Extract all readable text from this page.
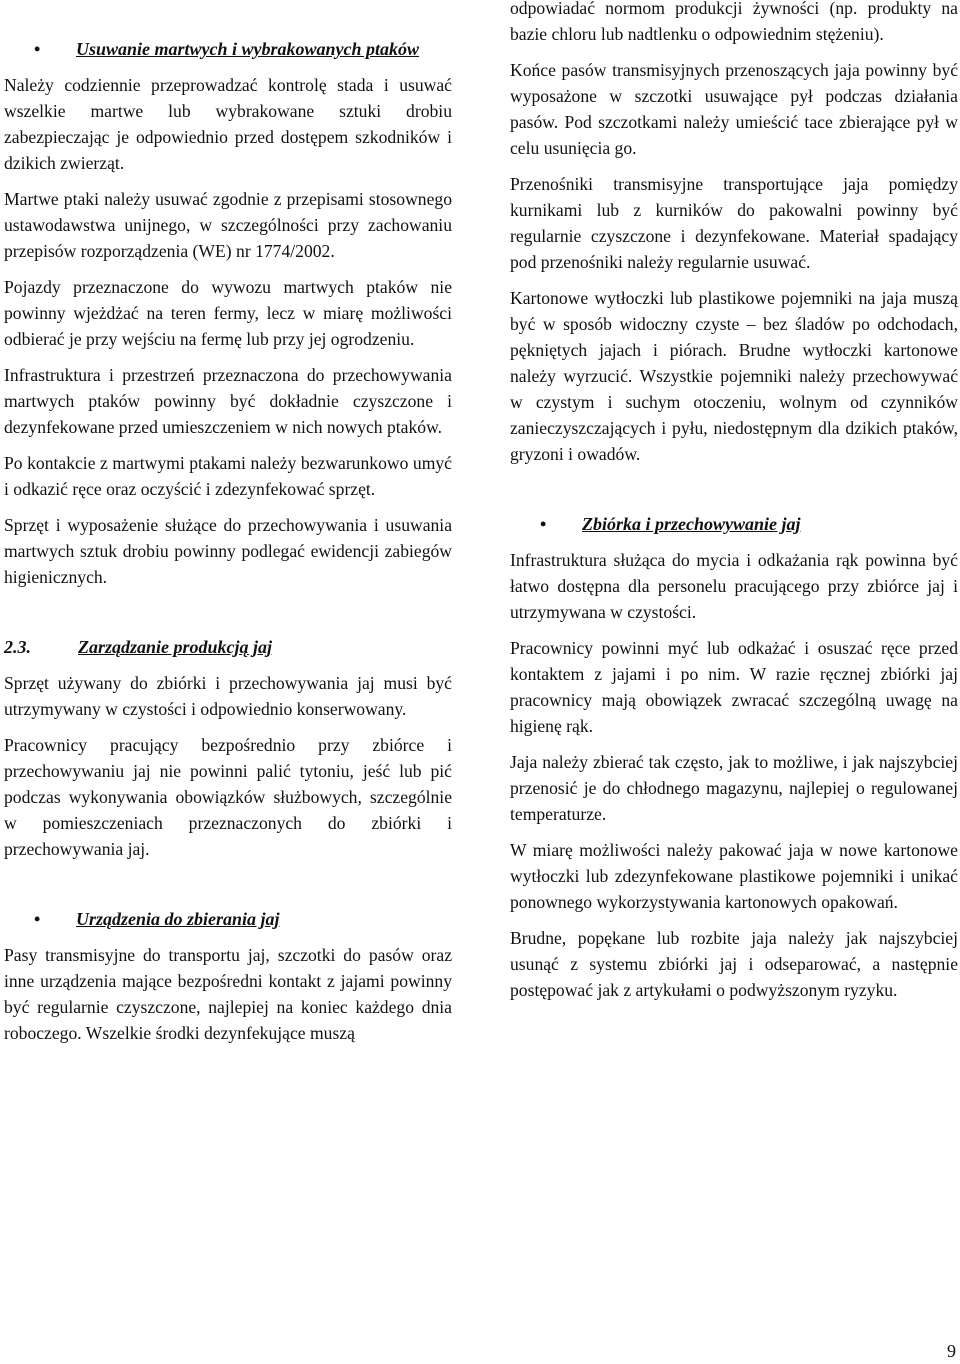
• Usuwanie martwych i wybrakowanych ptaków

Należy codziennie przeprowadzać kontrolę stada i usuwać wszelkie martwe lub wybrakowane sztuki drobiu zabezpieczając je odpowiednio przed dostępem szkodników i dzikich zwierząt.

Martwe ptaki należy usuwać zgodnie z przepisami stosownego ustawodawstwa unijnego, w szczególności przy zachowaniu przepisów rozporządzenia (WE) nr 1774/2002.

Pojazdy przeznaczone do wywozu martwych ptaków nie powinny wjeżdżać na teren fermy, lecz w miarę możliwości odbierać je przy wejściu na fermę lub przy jej ogrodzeniu.

Infrastruktura i przestrzeń przeznaczona do przechowywania martwych ptaków powinny być dokładnie czyszczone i dezynfekowane przed umieszczeniem w nich nowych ptaków.

Po kontakcie z martwymi ptakami należy bezwarunkowo umyć i odkazić ręce oraz oczyścić i zdezynfekować sprzęt.

Sprzęt i wyposażenie służące do przechowywania i usuwania martwych sztuk drobiu powinny podlegać ewidencji zabiegów higienicznych.

2.3.	Zarządzanie produkcją jaj

Sprzęt używany do zbiórki i przechowywania jaj musi być utrzymywany w czystości i odpowiednio konserwowany.

Pracownicy pracujący bezpośrednio przy zbiórce i przechowywaniu jaj nie powinni palić tytoniu, jeść lub pić podczas wykonywania obowiązków służbowych, szczególnie w pomieszczeniach przeznaczonych do zbiórki i przechowywania jaj.

• Urządzenia do zbierania jaj

Pasy transmisyjne do transportu jaj, szczotki do pasów oraz inne urządzenia mające bezpośredni kontakt z jajami powinny być regularnie czyszczone, najlepiej na koniec każdego dnia roboczego. Wszelkie środki dezynfekujące muszą

odpowiadać normom produkcji żywności (np. produkty na bazie chloru lub nadtlenku o odpowiednim stężeniu).

Końce pasów transmisyjnych przenoszących jaja powinny być wyposażone w szczotki usuwające pył podczas działania pasów. Pod szczotkami należy umieścić tace zbierające pył w celu usunięcia go.

Przenośniki transmisyjne transportujące jaja pomiędzy kurnikami lub z kurników do pakowalni powinny być regularnie czyszczone i dezynfekowane. Materiał spadający pod przenośniki należy regularnie usuwać.

Kartonowe wytłoczki lub plastikowe pojemniki na jaja muszą być w sposób widoczny czyste – bez śladów po odchodach, pękniętych jajach i piórach. Brudne wytłoczki kartonowe należy wyrzucić. Wszystkie pojemniki należy przechowywać w czystym i suchym otoczeniu, wolnym od czynników zanieczyszczających i pyłu, niedostępnym dla dzikich ptaków, gryzoni i owadów.

• Zbiórka i przechowywanie jaj

Infrastruktura służąca do mycia i odkażania rąk powinna być łatwo dostępna dla personelu pracującego przy zbiórce jaj i utrzymywana w czystości.

Pracownicy powinni myć lub odkażać i osuszać ręce przed kontaktem z jajami i po nim. W razie ręcznej zbiórki jaj pracownicy mają obowiązek zwracać szczególną uwagę na higienę rąk.

Jaja należy zbierać tak często, jak to możliwe, i jak najszybciej przenosić je do chłodnego magazynu, najlepiej o regulowanej temperaturze.

W miarę możliwości należy pakować jaja w nowe kartonowe wytłoczki lub zdezynfekowane plastikowe pojemniki i unikać ponownego wykorzystywania kartonowych opakowań.

Brudne, popękane lub rozbite jaja należy jak najszybciej usunąć z systemu zbiórki jaj i odseparować, a następnie postępować jak z artykułami o podwyższonym ryzyku.

9
